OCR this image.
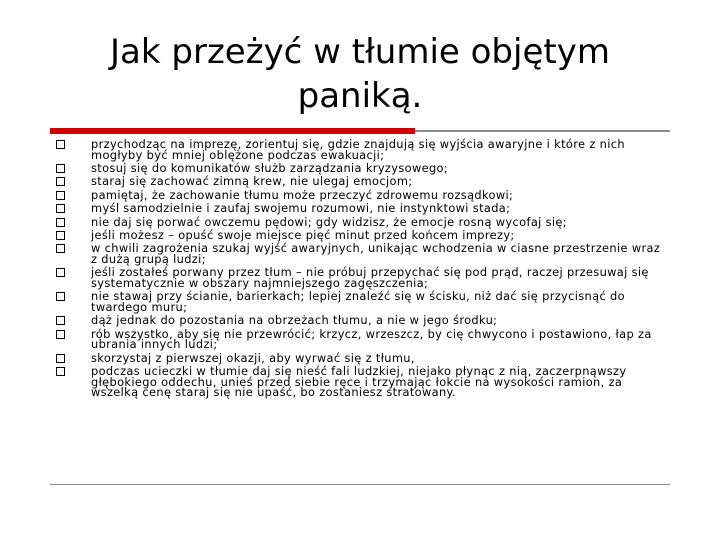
Jak przeżyć w tłumie objętym paniką.
przychodząc na imprezę, zorientuj się, gdzie znajdują się wyjścia awaryjne i które z nich mogłyby być mniej oblężone podczas ewakuacji;
stosuj się do komunikatów służb zarządzania kryzysowego;
staraj się zachować zimną krew, nie ulegaj emocjom;
pamiętaj, że zachowanie tłumu może przeczyć zdrowemu rozsądkowi;
myśl samodzielnie i zaufaj swojemu rozumowi, nie instynktowi stada;
nie daj się porwać owczemu pędowi; gdy widzisz, że emocje rosną wycofaj się;
jeśli możesz – opuść swoje miejsce pięć minut przed końcem imprezy;
w chwili zagrożenia szukaj wyjść awaryjnych, unikając wchodzenia w ciasne przestrzenie wraz z dużą grupą ludzi;
jeśli zostałeś porwany przez tłum – nie próbuj przepychać się pod prąd, raczej przesuwaj się systematycznie w obszary najmniejszego zagęszczenia;
nie stawaj przy ścianie, barierkach; lepiej znaleźć się w ścisku, niż dać się przycisnąć do twardego muru;
dąż jednak do pozostania na obrzeżach tłumu, a nie w jego środku;
rób wszystko, aby się nie przewrócić; krzycz, wrzeszcz, by cię chwycono i postawiono, łap za ubrania innych ludzi;
skorzystaj z pierwszej okazji, aby wyrwać się z tłumu,
podczas ucieczki w tłumie daj się nieść fali ludzkiej, niejako płynąc z nią, zaczerpnąwszy głębokiego oddechu, unieś przed siebie ręce i trzymając łokcie na wysokości ramion, za wszelką cenę staraj się nie upaść, bo zostaniesz stratowany.
